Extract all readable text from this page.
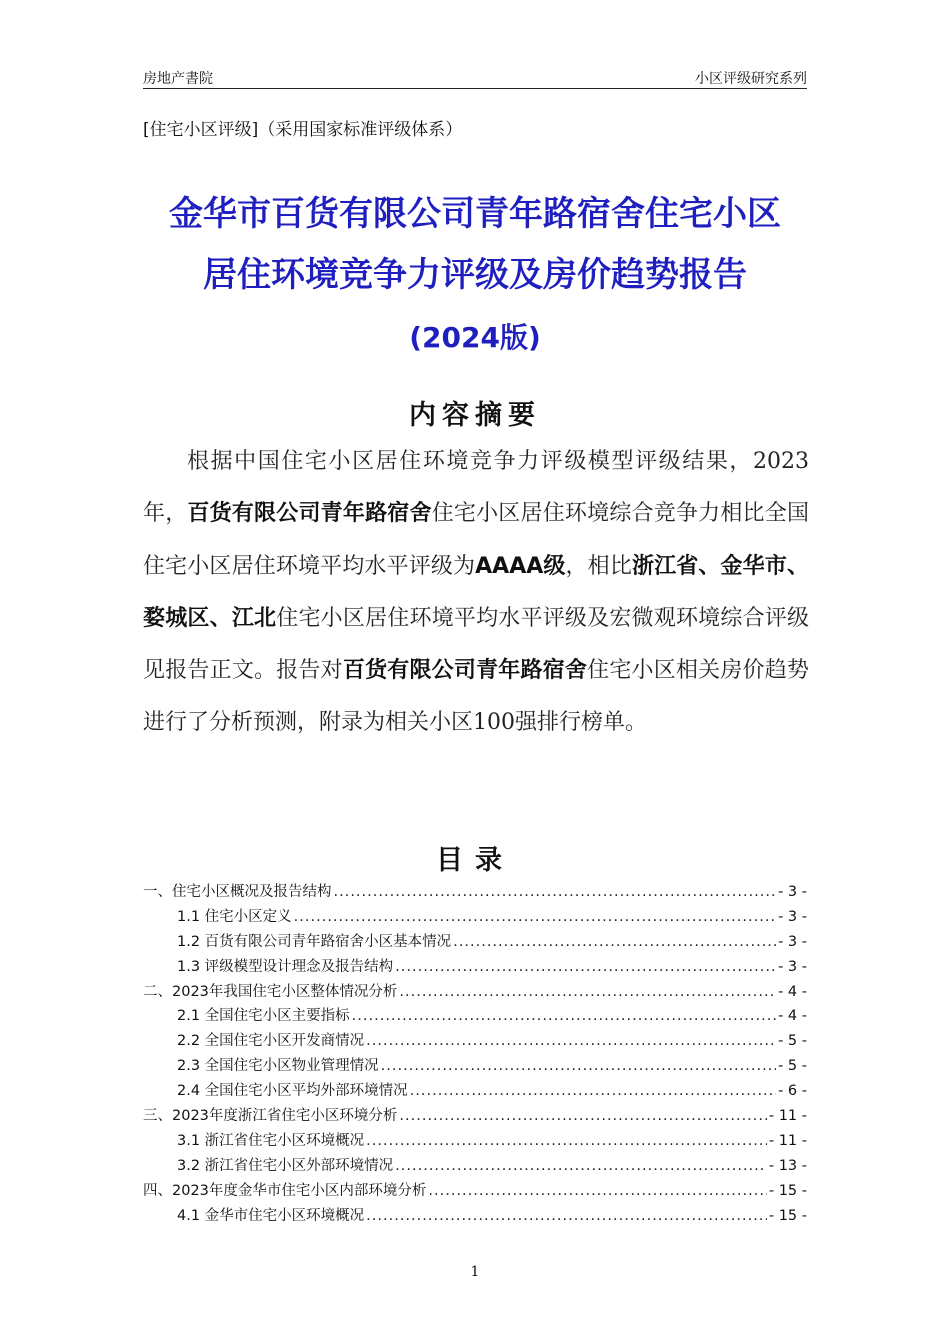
房地产書院	小区评级研究系列
[住宅小区评级]（采用国家标准评级体系）
金华市百货有限公司青年路宿舍住宅小区
居住环境竞争力评级及房价趋势报告
(2024版)
内容摘要
根据中国住宅小区居住环境竞争力评级模型评级结果，2023年，百货有限公司青年路宿舍住宅小区居住环境综合竞争力相比全国住宅小区居住环境平均水平评级为AAAA级，相比浙江省、金华市、婺城区、江北住宅小区居住环境平均水平评级及宏微观环境综合评级见报告正文。报告对百货有限公司青年路宿舍住宅小区相关房价趋势进行了分析预测，附录为相关小区100强排行榜单。
目录
一、住宅小区概况及报告结构 .....	- 3 -
1.1 住宅小区定义 .....	- 3 -
1.2 百货有限公司青年路宿舍小区基本情况 .....	- 3 -
1.3 评级模型设计理念及报告结构 .....	- 3 -
二、2023年我国住宅小区整体情况分析 .....	- 4 -
2.1 全国住宅小区主要指标 .....	- 4 -
2.2 全国住宅小区开发商情况 .....	- 5 -
2.3 全国住宅小区物业管理情况 .....	- 5 -
2.4 全国住宅小区平均外部环境情况 .....	- 6 -
三、2023年度浙江省住宅小区环境分析 .....	- 11 -
3.1 浙江省住宅小区环境概况 .....	- 11 -
3.2 浙江省住宅小区外部环境情况 .....	- 13 -
四、2023年度金华市住宅小区内部环境分析 .....	- 15 -
4.1 金华市住宅小区环境概况 .....	- 15 -
1
